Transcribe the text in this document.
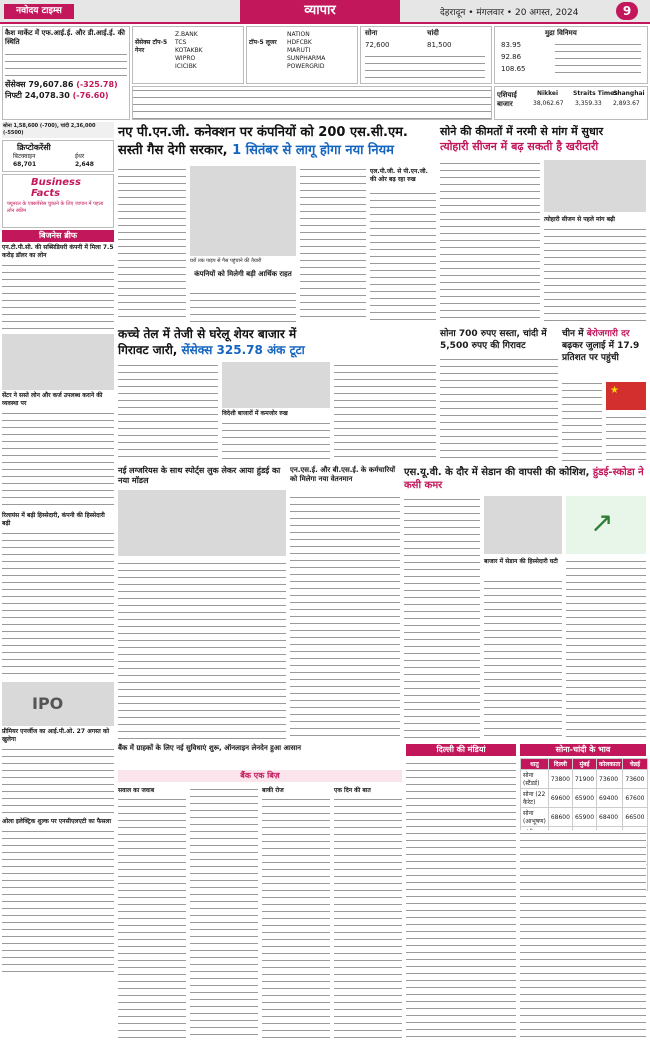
नवोदय टाइम्स	व्यापार	देहरादून • मंगलवार • 20 अगस्त, 2024	9
कैश मार्केट में एफ.आई.ई. और डी.आई.ई. की स्थिति
सेंसेक्स 79,607.86 (-325.78)
निफ्टी 24,078.30 (-76.60)
सेंसेक्स टॉप-5 गेनर
Z.BANK
TCS
KOTAKBK
WIPRO
ICICIBK
टॉप-5 लूजर
NATION
HDFCBK
MARUTI
SUNPHARMA
POWERGRID
सोना	चांदी
72,600	81,500
मुद्रा विनिमय
83.95
92.86
108.65
एशियाई बाजार
Nikkei
38,062.67
Straits Times
3,359.33
Shanghai
2,893.67
सोना 1,58,600 (-700), चांदी 2,36,000 (-5500)
क्रिप्टोकरेंसी
बिटक्वाइन	ईथर
68,701	2,648
Business Facts
फ्यूनरल के एक्सपेंसेस चुकाने के लिए जापान में पहला लोन स्कीम
बिजनेस ब्रीफ
एन.टी.पी.सी. की सब्सिडियरी कंपनी में मिला 7.5 करोड़ डॉलर का लोन
सेंटर ने सस्ते लोन और कर्ज उपलब्ध कराने की व्यवस्था पर
रिलायंस में बढ़ी हिस्सेदारी, कंपनी की हिस्सेदारी बढ़ी
IPO
प्रीमियर एनर्जीज का आई.पी.ओ. 27 अगस्त को खुलेगा
ओला इलेक्ट्रिक शुल्क पर एनसीएलएटी का फैसला
नए पी.एन.जी. कनेक्शन पर कंपनियों को 200 एस.सी.एम.
सस्ती गैस देगी सरकार, 1 सितंबर से लागू होगा नया नियम
घरों तक पाइप से गैस पहुंचाने की तैयारी
कंपनियों को मिलेगी बड़ी आर्थिक राहत
एल.पी.जी. से पी.एन.जी. की ओर बढ़ रहा रुख
सोने की कीमतों में नरमी से मांग में सुधार
त्योहारी सीजन में बढ़ सकती है खरीदारी
त्योहारी सीजन से पहले मांग बढ़ी
कच्चे तेल में तेजी से घरेलू शेयर बाजार में
गिरावट जारी, सेंसेक्स 325.78 अंक टूटा
विदेशी बाजारों में कमजोर रुख
सोना 700 रुपए सस्ता, चांदी में 5,500 रुपए की गिरावट
चीन में बेरोजगारी दर बढ़कर जुलाई में 17.9 प्रतिशत पर पहुंची
★
नई लग्जरियस के साथ स्पोर्ट्स लुक लेकर आया हुंडई का नया मॉडल
एन.एस.ई. और बी.एस.ई. के कर्मचारियों को मिलेगा नया वेतनमान
एस.यू.वी. के दौर में सेडान की वापसी की कोशिश, हुंडई-स्कोडा ने कसी कमर
बाजार में सेडान की हिस्सेदारी घटी
↗
बैंक में ग्राहकों के लिए नई सुविधाएं शुरू, ऑनलाइन लेनदेन हुआ आसान
बैंक एक बिज़
सवाल का जवाब	बाकी रोज	एक दिन की बात
दिल्ली की मंडियां	सोना-चांदी के भाव
धातु	दिल्ली	मुंबई	कोलकाता	चेन्नई
सोना (स्टैंडर्ड)	73800	71900	73600	73600
सोना (22 कैरेट)	69600	65900	69400	67600
सोना (आभूषण)	68600	65900	68400	66500
